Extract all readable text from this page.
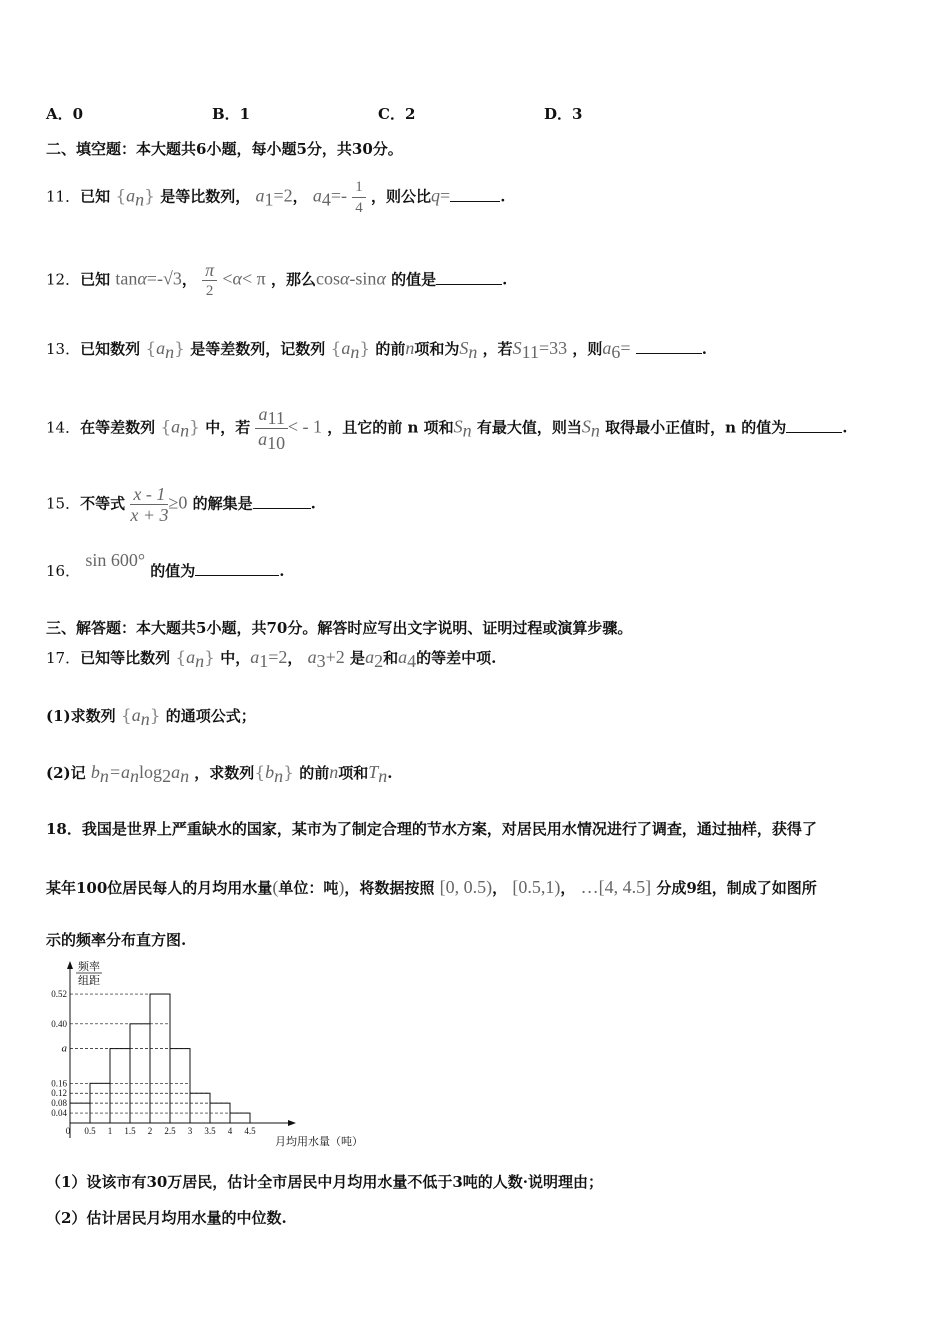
A．0	B．1	C．2	D．3
二、填空题：本大题共6小题，每小题5分，共30分。
11．已知 $\{a_n\}$ 是等比数列， $a_1=2$， $a_4=- \frac{1}{4}$ ，则公比q=	.
12．已知 tanα=-√3， $\frac{\pi}{2} <\alpha< \pi$ ，那么cosα-sinα 的值是	.
13．已知数列 $\{a_n\}$ 是等差数列，记数列 $\{a_n\}$ 的前n项和为$S_n$ ，若$S_{11}=33$ ，则$a_6=$	.
14．在等差数列 $\{a_n\}$ 中，若 $\frac{a_{11}}{a_{10}}$ < - 1 ，且它的前 n 项和$S_n$ 有最大值，则当$S_n$ 取得最小正值时，n 的值为	.
15．不等式 $\frac{x - 1}{x + 3} \ge 0$ 的解集是	.
16． sin 600° 的值为	.
三、解答题：本大题共5小题，共70分。解答时应写出文字说明、证明过程或演算步骤。
17．已知等比数列 $\{a_n\}$ 中，$a_1=2$， $a_3+2$ 是$a_2$和$a_4$的等差中项.
(1)求数列 $\{a_n\}$ 的通项公式；
(2)记 $b_n=a_n\log_2a_n$ ，求数列$\{b_n\}$ 的前n项和$T_n$.
18．我国是世界上严重缺水的国家，某市为了制定合理的节水方案，对居民用水情况进行了调查，通过抽样，获得了
某年100位居民每人的月均用水量(单位：吨)，将数据按照 [0, 0.5)， [0.5,1)， …[4, 4.5] 分成9组，制成了如图所
示的频率分布直方图.
0.04
0.08
0.12
0.16
a
0.40
0.52
0 0.5 1 1.5 2 2.5 3 3.5 4 4.5
频率
组距
月均用水量（吨）
（1）设该市有30万居民，估计全市居民中月均用水量不低于3吨的人数·说明理由；
（2）估计居民月均用水量的中位数.
